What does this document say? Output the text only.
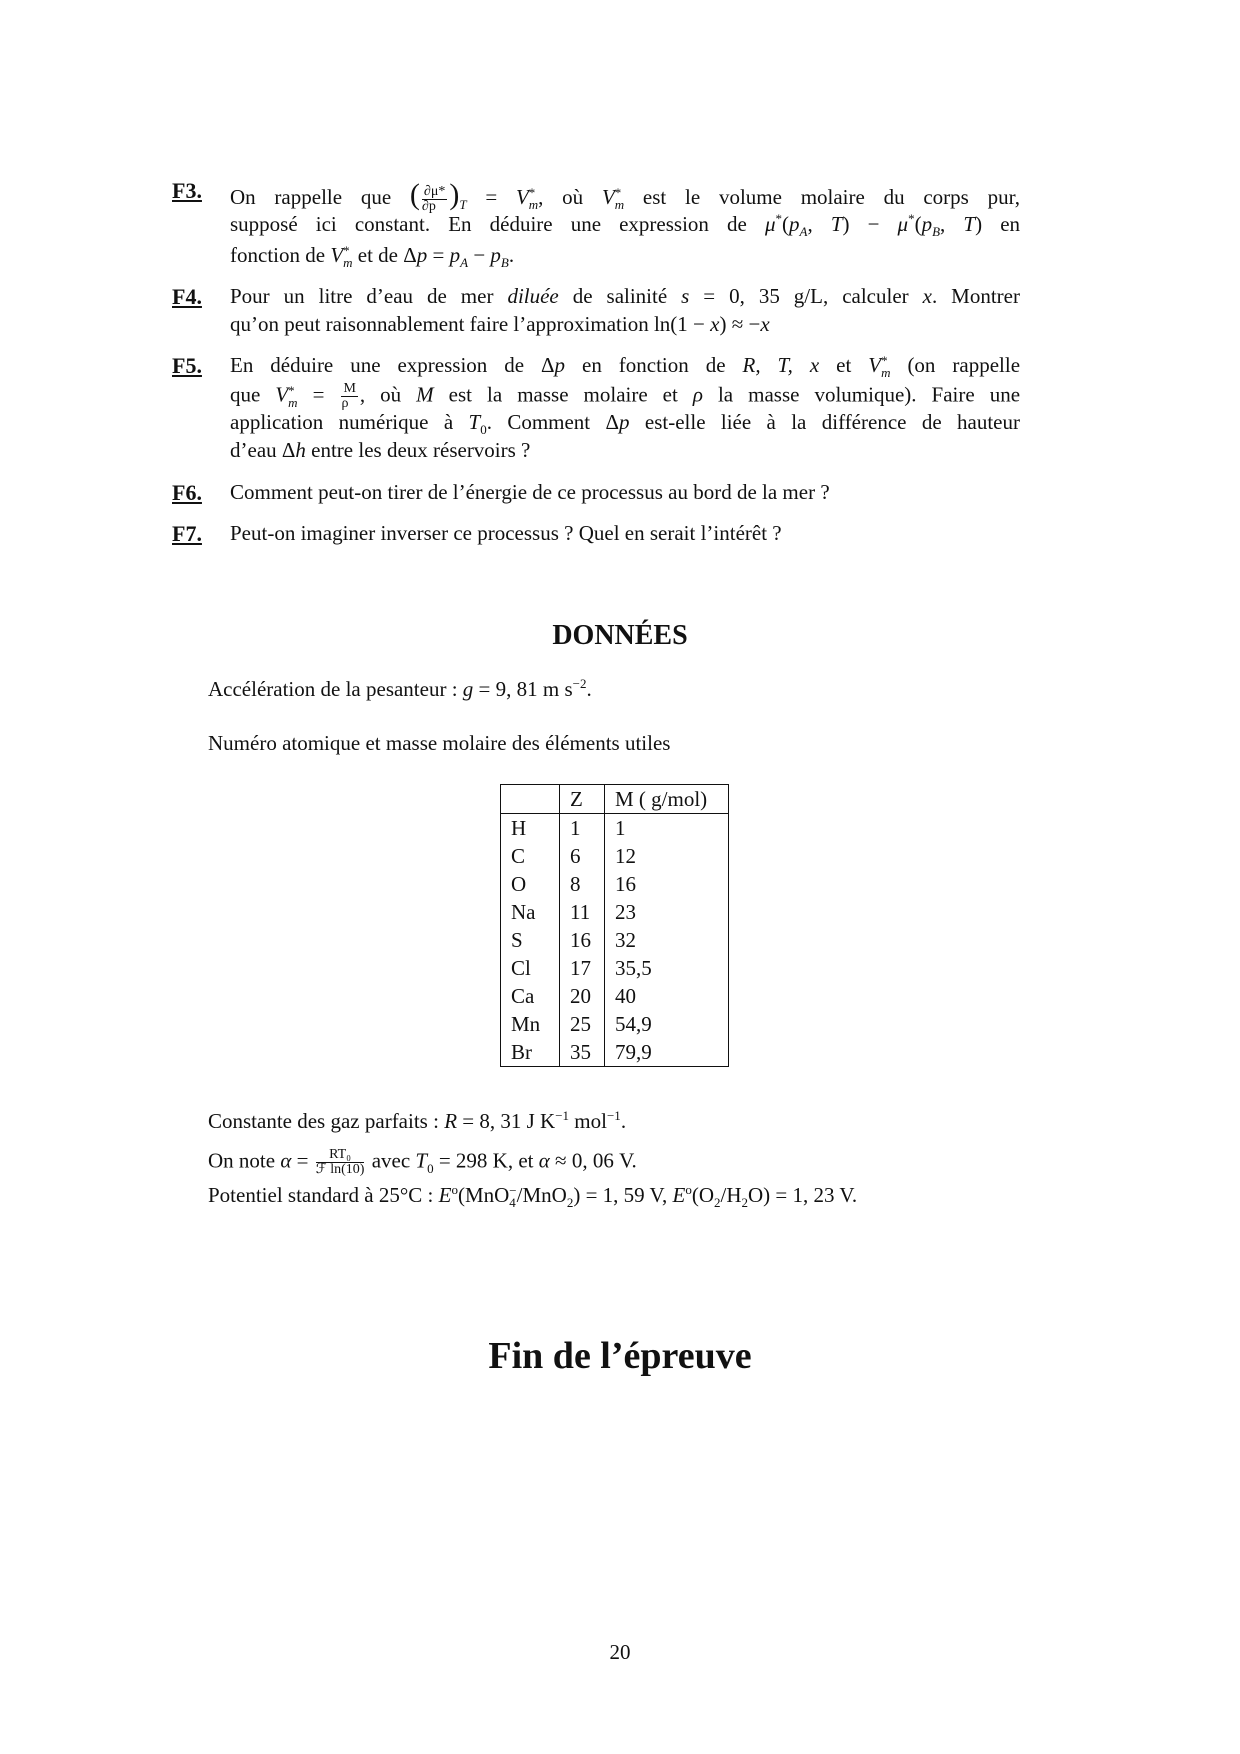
F3. On rappelle que ( $\frac{\partial\mu*}{\partial p} )_T = V$ *
m , où V *
m est le volume molaire du corps pur,
supposé ici constant. En déduire une expression de μ*(pA, T) − μ*(pB, T) en
fonction de V *
m et de Δp = pA − pB.
F4. Pour un litre d’eau de mer diluée de salinité s = 0, 35 g/L, calculer x. Montrer
qu’on peut raisonnablement faire l’approximation ln(1 − x) ≈ −x
F5. En déduire une expression de Δp en fonction de R, T, x et V *
m (on rappelle
que V *
$m = \frac{M}{\rho}$ , où M est la masse molaire et ρ la masse volumique). Faire une
application numérique à T0. Comment Δp est-elle liée à la différence de hauteur
d’eau Δh entre les deux réservoirs ?
F6. Comment peut-on tirer de l’énergie de ce processus au bord de la mer ?
F7. Peut-on imaginer inverser ce processus ? Quel en serait l’intérêt ?
DONNÉES
Accélération de la pesanteur : g = 9, 81 m s−2.
Numéro atomique et masse molaire des éléments utiles
	Z	M ( g/mol)
H	1	1
C	6	12
O	8	16
Na	11	23
S	16	32
Cl	17	35,5
Ca	20	40
Mn	25	54,9
Br	35	79,9
Constante des gaz parfaits : R = 8, 31 J K−1 mol−1.
On note $\alpha = \frac{\text{RT₀}}{\text{ℱ ln(10)}}$ avec T0 = 298 K, et α ≈ 0, 06 V.
Potentiel standard à 25°C : Eo(MnO −
4 /MnO2) = 1, 59 V, Eo(O2/H2O) = 1, 23 V.
Fin de l’épreuve
20
